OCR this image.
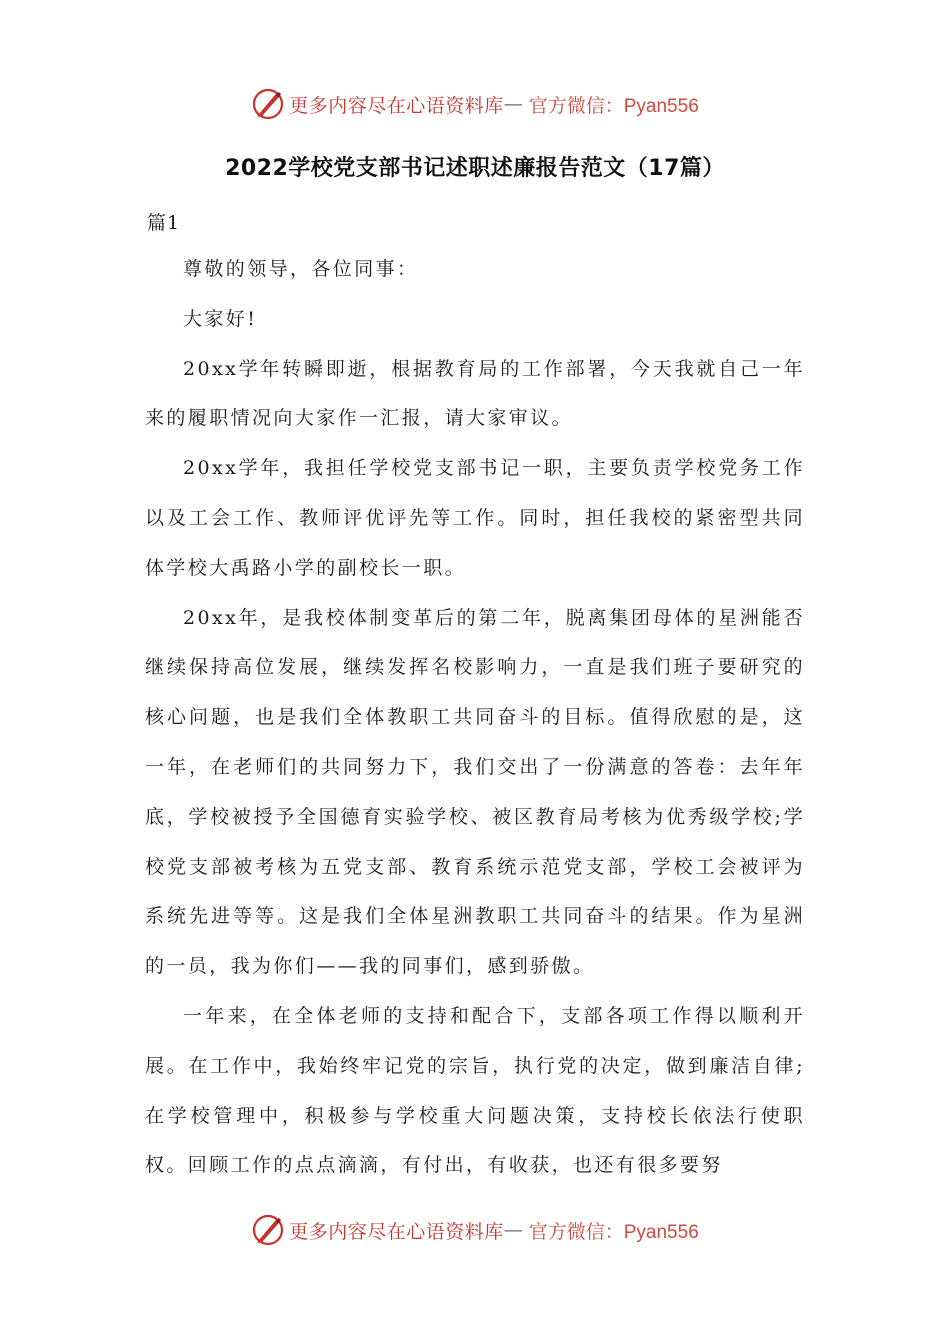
更多内容尽在心语资料库 — 官方微信：Pyan556
2022学校党支部书记述职述廉报告范文（17篇）
篇1

尊敬的领导，各位同事：

大家好!

20xx学年转瞬即逝，根据教育局的工作部署，今天我就自己一年来的履职情况向大家作一汇报，请大家审议。

20xx学年，我担任学校党支部书记一职，主要负责学校党务工作以及工会工作、教师评优评先等工作。同时，担任我校的紧密型共同体学校大禹路小学的副校长一职。

20xx年，是我校体制变革后的第二年，脱离集团母体的星洲能否继续保持高位发展，继续发挥名校影响力，一直是我们班子要研究的核心问题，也是我们全体教职工共同奋斗的目标。值得欣慰的是，这一年，在老师们的共同努力下，我们交出了一份满意的答卷：去年年底，学校被授予全国德育实验学校、被区教育局考核为优秀级学校;学校党支部被考核为五党支部、教育系统示范党支部，学校工会被评为系统先进等等。这是我们全体星洲教职工共同奋斗的结果。作为星洲的一员，我为你们——我的同事们，感到骄傲。

一年来，在全体老师的支持和配合下，支部各项工作得以顺利开展。在工作中，我始终牢记党的宗旨，执行党的决定，做到廉洁自律;在学校管理中，积极参与学校重大问题决策，支持校长依法行使职权。回顾工作的点点滴滴，有付出，有收获，也还有很多要努

更多内容尽在心语资料库 — 官方微信：Pyan556
